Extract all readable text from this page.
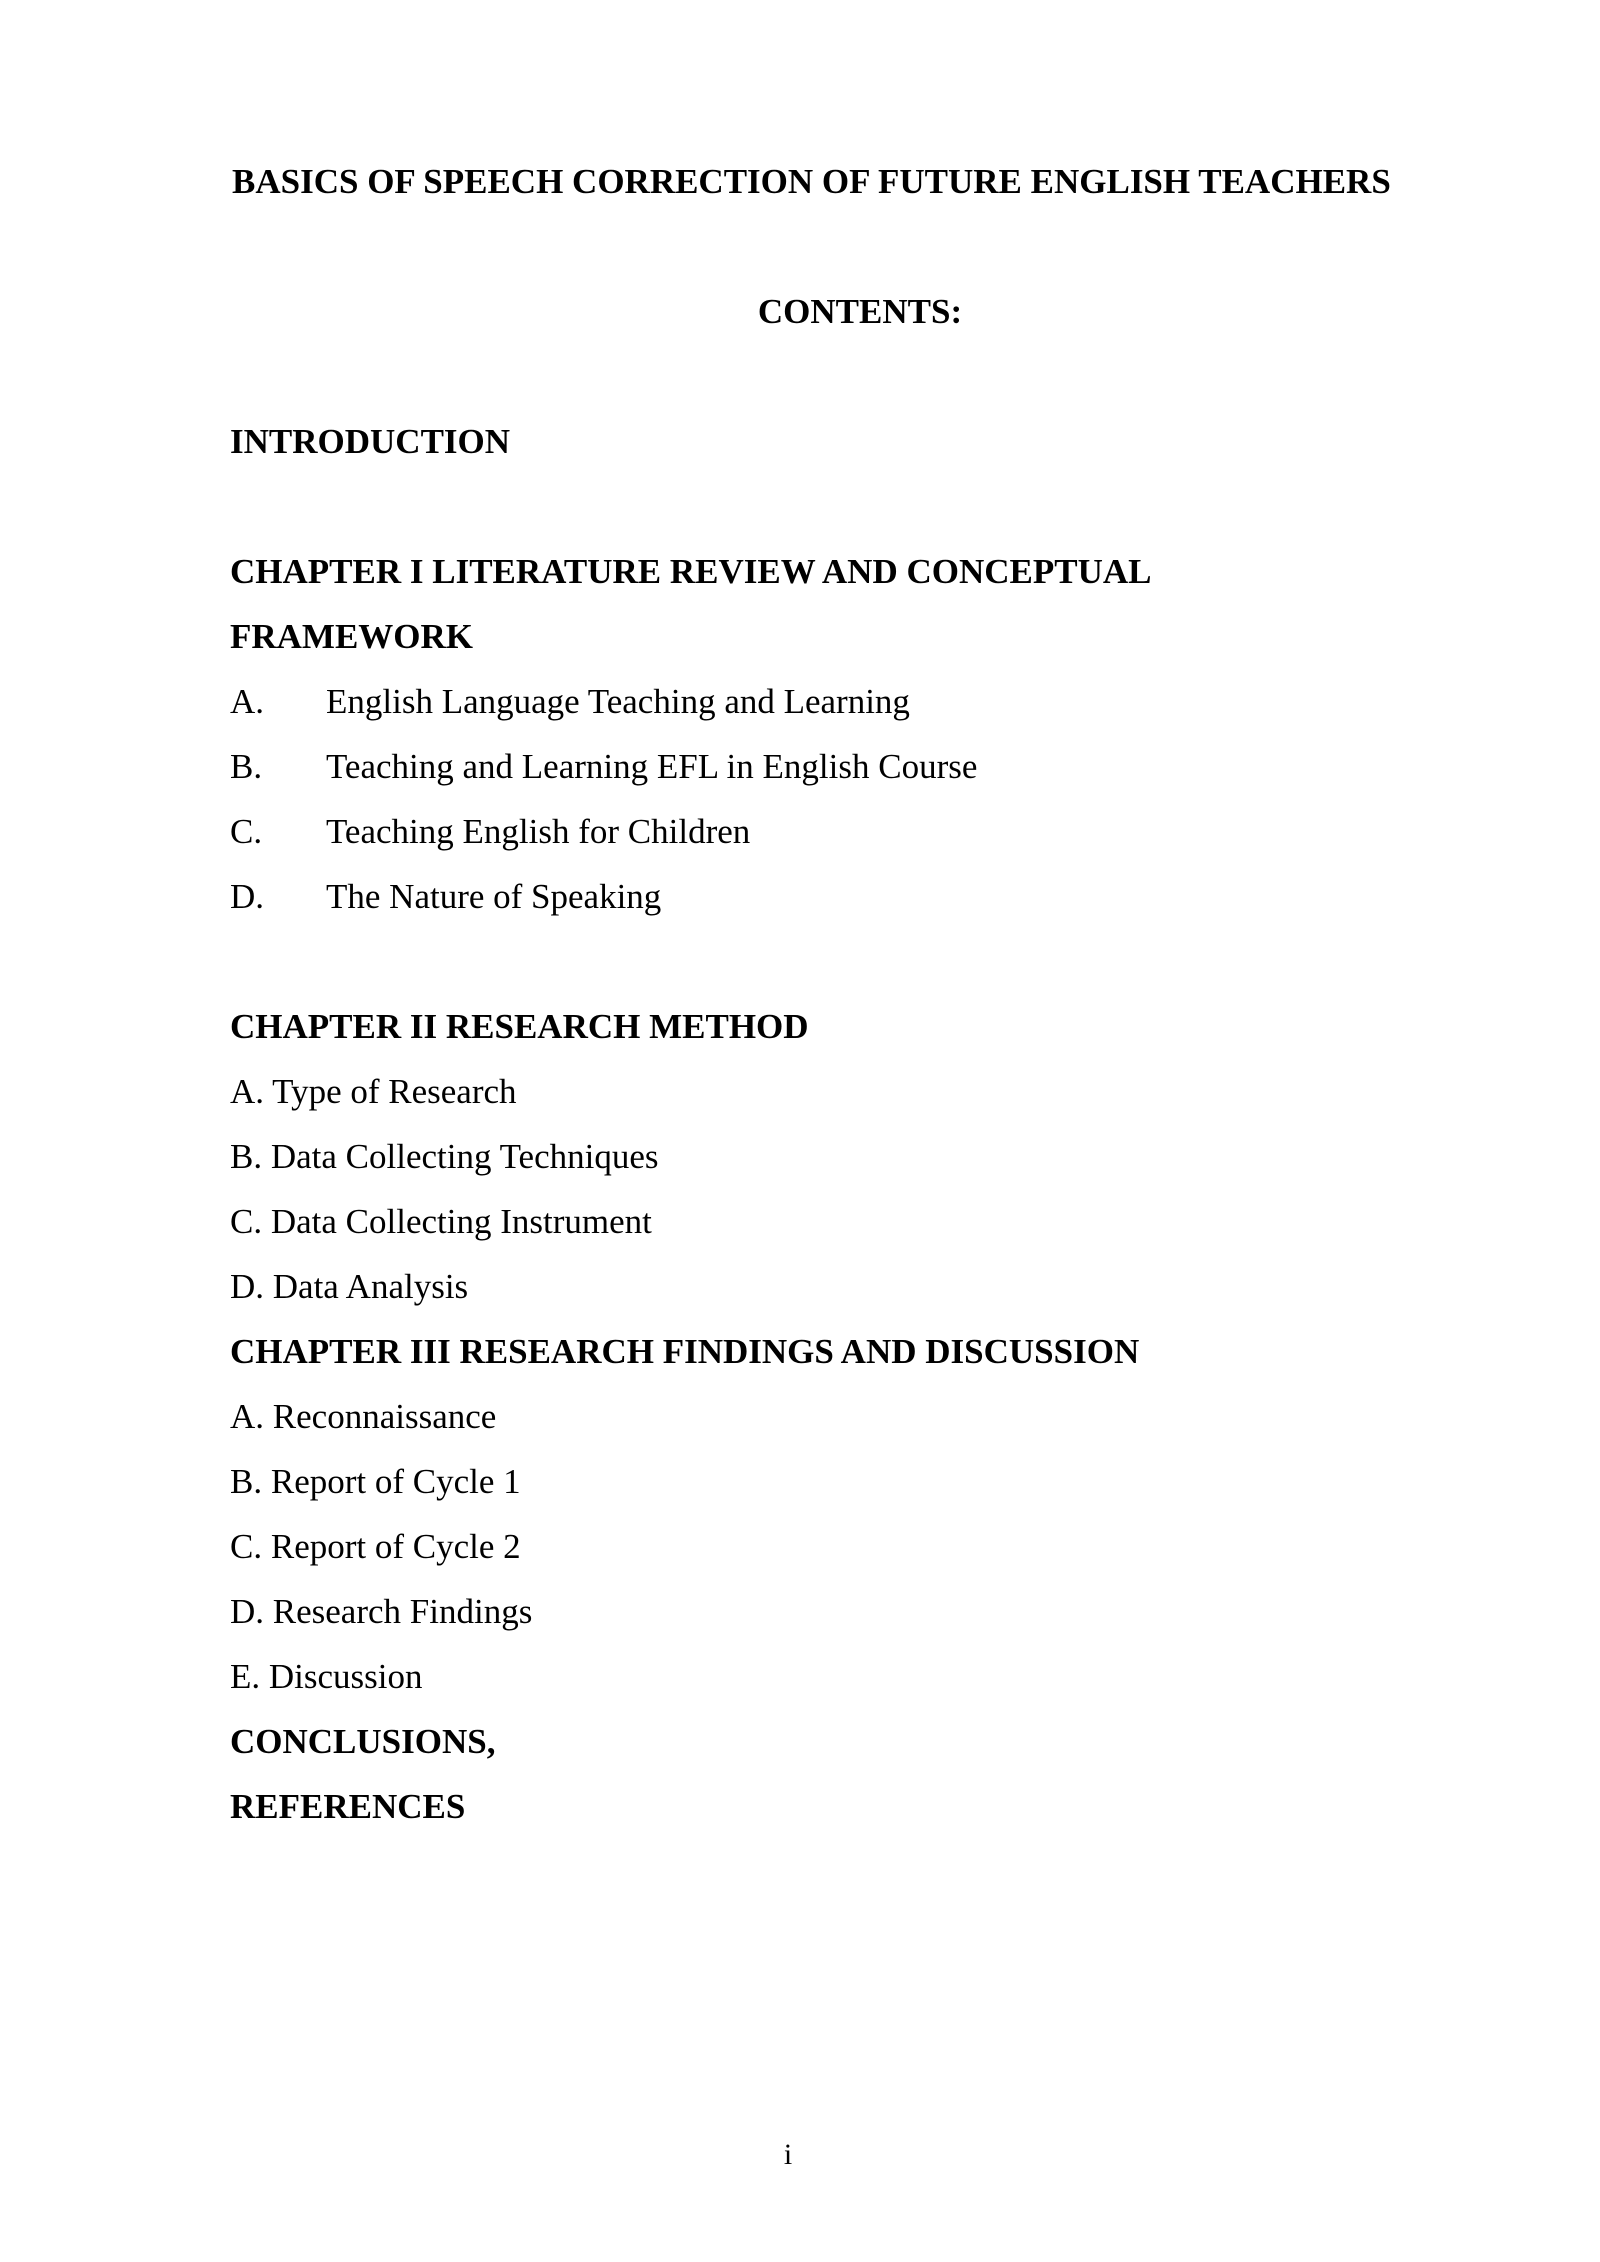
BASICS OF SPEECH CORRECTION OF FUTURE ENGLISH TEACHERS
CONTENTS:
INTRODUCTION
CHAPTER I LITERATURE REVIEW AND CONCEPTUAL
FRAMEWORK
A. English Language Teaching and Learning
B. Teaching and Learning EFL in English Course
C. Teaching English for Children
D. The Nature of Speaking
CHAPTER II RESEARCH METHOD
A. Type of Research
B. Data Collecting Techniques
C. Data Collecting Instrument
D. Data Analysis
CHAPTER III RESEARCH FINDINGS AND DISCUSSION
A. Reconnaissance
B. Report of Cycle 1
C. Report of Cycle 2
D. Research Findings
E. Discussion
CONCLUSIONS,
REFERENCES
i
